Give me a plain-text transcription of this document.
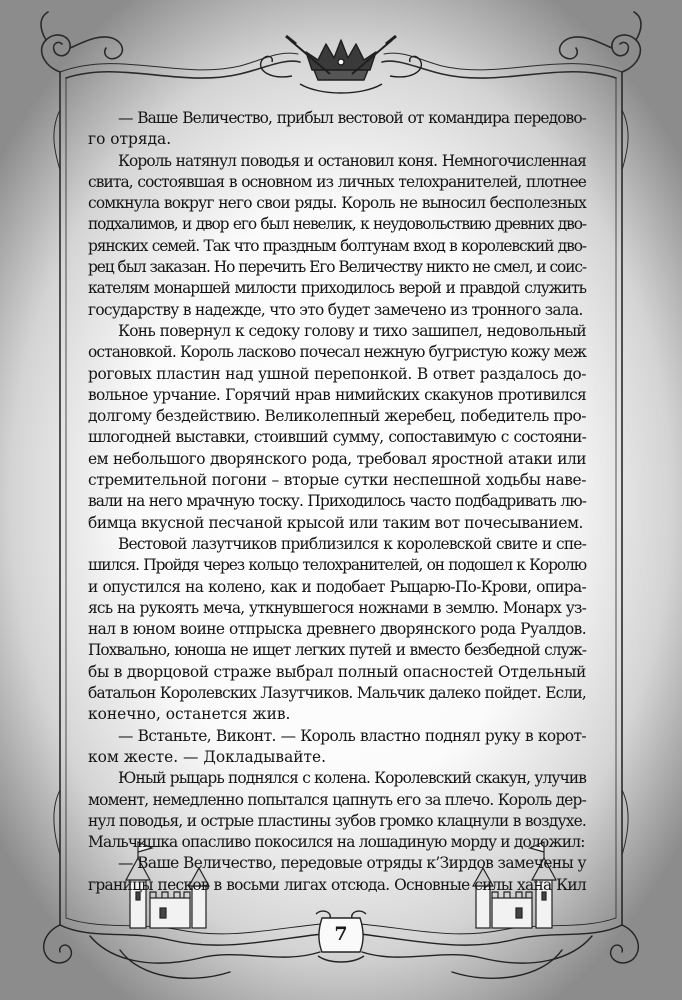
— Ваше Величество, прибыл вестовой от командира передово-

го отряда.

Король натянул поводья и остановил коня. Немногочисленная

свита, состоявшая в основном из личных телохранителей, плотнее

сомкнула вокруг него свои ряды. Король не выносил бесполезных

подхалимов, и двор его был невелик, к неудовольствию древних дво-

рянских семей. Так что праздным болтунам вход в королевский дво-

рец был заказан. Но перечить Его Величеству никто не смел, и соис-

кателям монаршей милости приходилось верой и правдой служить

государству в надежде, что это будет замечено из тронного зала.

Конь повернул к седоку голову и тихо зашипел, недовольный

остановкой. Король ласково почесал нежную бугристую кожу меж

роговых пластин над ушной перепонкой. В ответ раздалось до-

вольное урчание. Горячий нрав нимийских скакунов противился

долгому бездействию. Великолепный жеребец, победитель про-

шлогодней выставки, стоивший сумму, сопоставимую с состояни-

ем небольшого дворянского рода, требовал яростной атаки или

стремительной погони – вторые сутки неспешной ходьбы наве-

вали на него мрачную тоску. Приходилось часто подбадривать лю-

бимца вкусной песчаной крысой или таким вот почесыванием.

Вестовой лазутчиков приблизился к королевской свите и спе-

шился. Пройдя через кольцо телохранителей, он подошел к Королю

и опустился на колено, как и подобает Рыцарю-По-Крови, опира-

ясь на рукоять меча, уткнувшегося ножнами в землю. Монарх уз-

нал в юном воине отпрыска древнего дворянского рода Руалдов.

Похвально, юноша не ищет легких путей и вместо безбедной служ-

бы в дворцовой страже выбрал полный опасностей Отдельный

батальон Королевских Лазутчиков. Мальчик далеко пойдет. Если,

конечно, останется жив.

— Встаньте, Виконт. — Король властно поднял руку в корот-

ком жесте. — Докладывайте.

Юный рыцарь поднялся с колена. Королевский скакун, улучив

момент, немедленно попытался цапнуть его за плечо. Король дер-

нул поводья, и острые пластины зубов громко клацнули в воздухе.

Мальчишка опасливо покосился на лошадиную морду и доложил:

— Ваше Величество, передовые отряды к’Зирдов замечены у

границы песков в восьми лигах отсюда. Основные силы хана Кил

7
